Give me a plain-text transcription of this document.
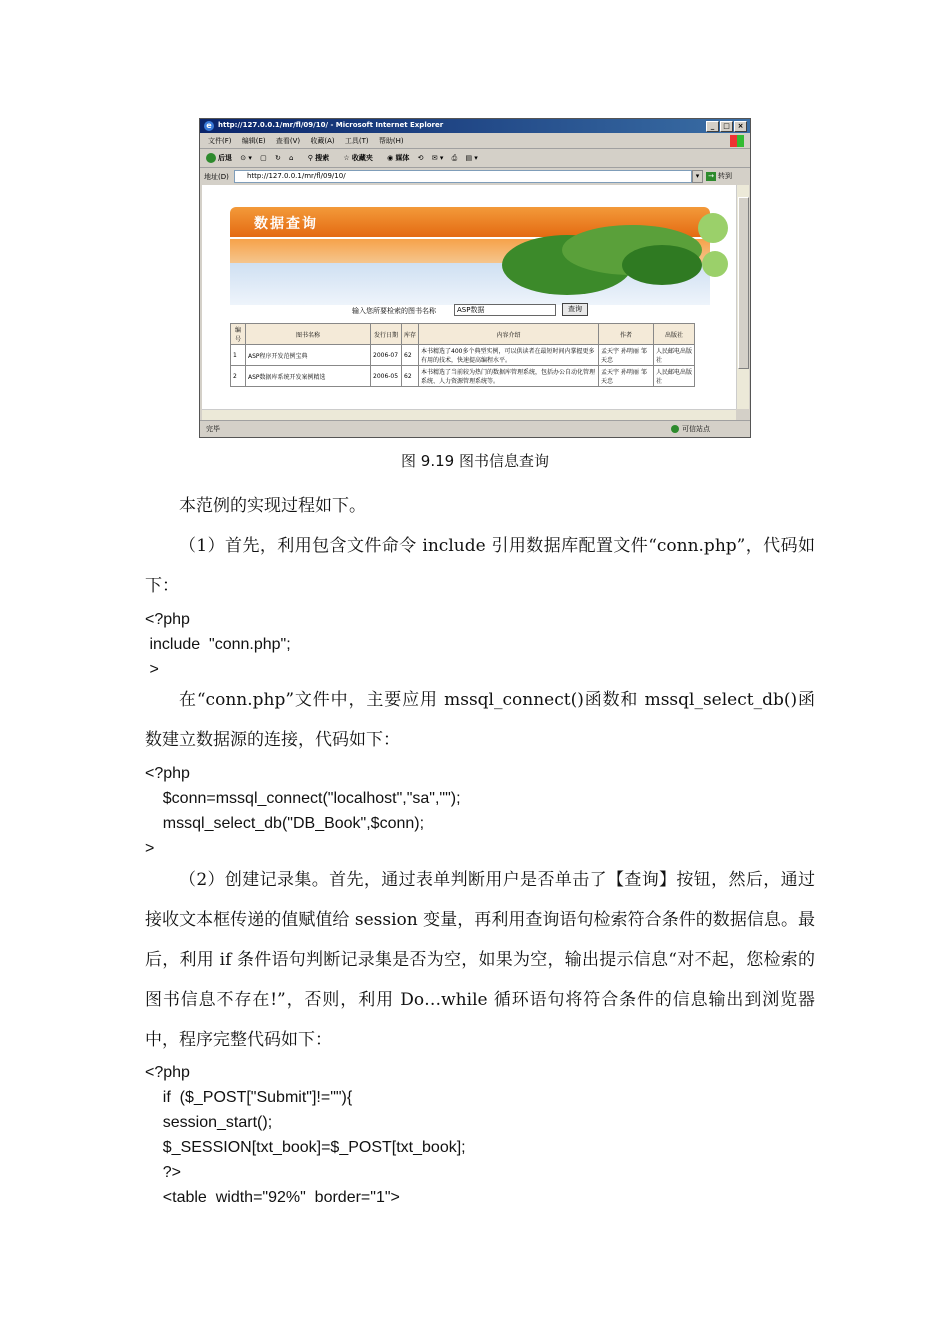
e http://127.0.0.1/mr/fl/09/10/ - Microsoft Internet Explorer	_ □ ×
文件(F) 编辑(E) 查看(V) 收藏(A) 工具(T) 帮助(H)
后退 ⊙ ▾ ▢ ↻ ⌂ ⚲ 搜索 ☆ 收藏夹 ◉ 媒体 ⟲ ✉ ▾ ⎙ ▤ ▾
地址(D)	http://127.0.0.1/mr/fl/09/10/	▾	→ 转到
数据查询
输入您所要检索的图书名称	ASP数据	查询
编号	图书名称	发行日期	库存	内容介绍	作者	出版社
1	ASP程序开发范例宝典	2006-07	62	本书精选了400多个典型实例，可以供读者在最短时间内掌握更多有用的技术，快速提高编程水平。	孟天宇 孙明丽 邹天忠	人民邮电出版社
2	ASP数据库系统开发案例精选	2006-05	62	本书精选了当前较为热门的数据库管理系统，包括办公自动化管理系统、人力资源管理系统等。	孟天宇 孙明丽 邹天忠	人民邮电出版社
完毕	可信站点
图 9.19 图书信息查询
本范例的实现过程如下。
（1）首先，利用包含文件命令 include 引用数据库配置文件“conn.php”，代码如下：
<?php
include  "conn.php";
>
在“conn.php”文件中，主要应用 mssql_connect()函数和 mssql_select_db()函数建立数据源的连接，代码如下：
<?php
$conn=mssql_connect("localhost","sa","");
mssql_select_db("DB_Book",$conn);
>
（2）创建记录集。首先，通过表单判断用户是否单击了【查询】按钮，然后，通过接收文本框传递的值赋值给 session 变量，再利用查询语句检索符合条件的数据信息。最后，利用 if 条件语句判断记录集是否为空，如果为空，输出提示信息“对不起，您检索的图书信息不存在!”，否则，利用 Do…while 循环语句将符合条件的信息输出到浏览器中，程序完整代码如下：
<?php
if  ($_POST["Submit"]!=""){
session_start();
$_SESSION[txt_book]=$_POST[txt_book];
?>
<table  width="92%"  border="1">
